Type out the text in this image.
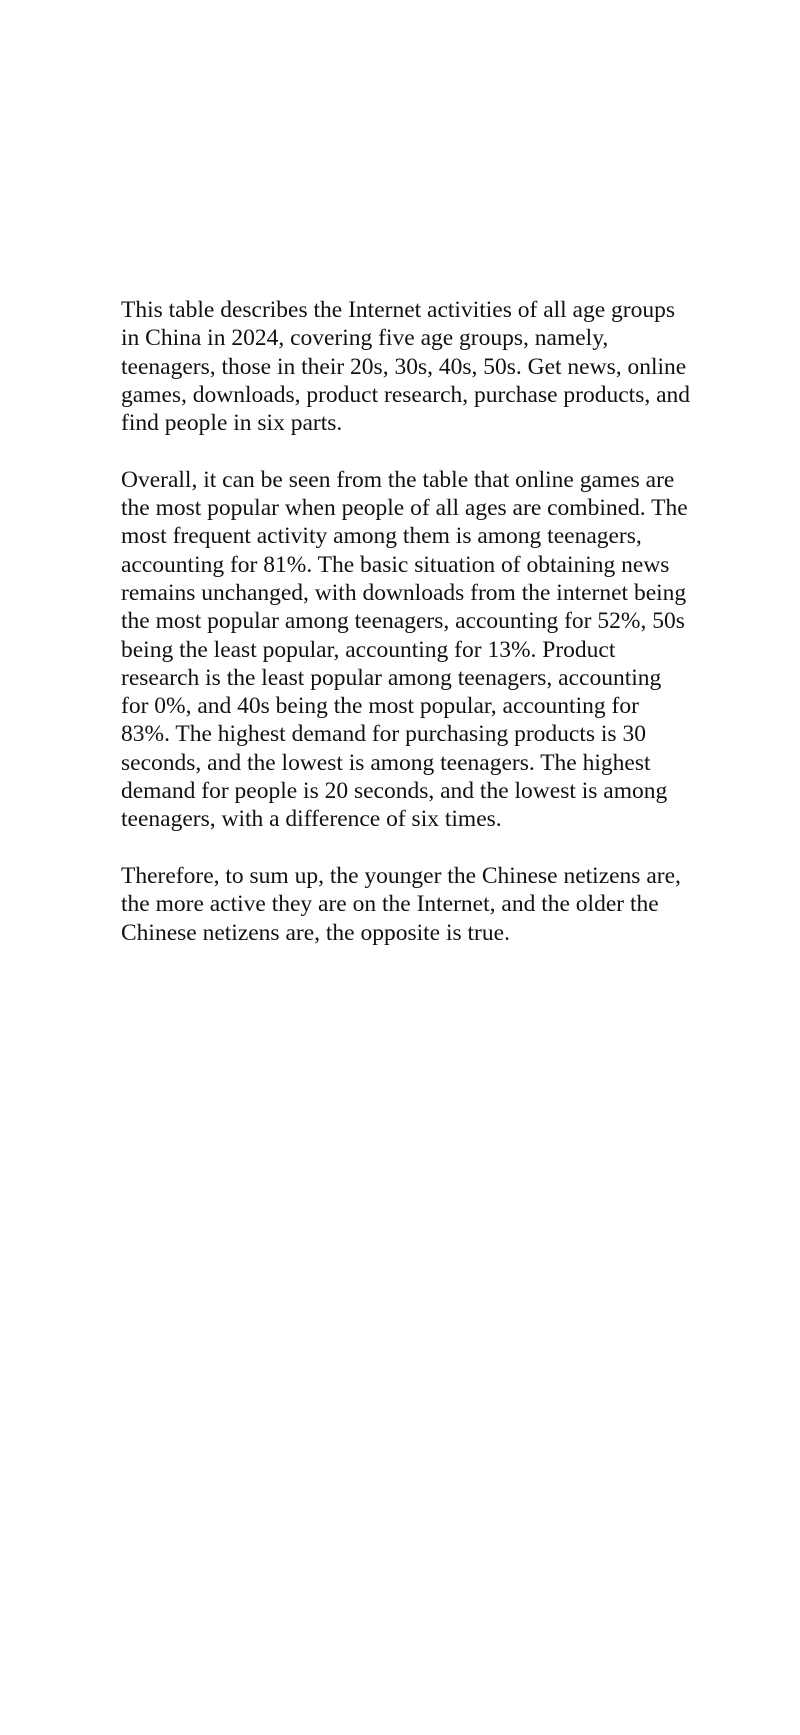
This table describes the Internet activities of all age groups in China in 2024, covering five age groups, namely, teenagers, those in their 20s, 30s, 40s, 50s. Get news, online games, downloads, product research, purchase products, and find people in six parts.

Overall, it can be seen from the table that online games are the most popular when people of all ages are combined. The most frequent activity among them is among teenagers, accounting for 81%. The basic situation of obtaining news remains unchanged, with downloads from the internet being the most popular among teenagers, accounting for 52%, 50s being the least popular, accounting for 13%. Product research is the least popular among teenagers, accounting for 0%, and 40s being the most popular, accounting for 83%. The highest demand for purchasing products is 30 seconds, and the lowest is among teenagers. The highest demand for people is 20 seconds, and the lowest is among teenagers, with a difference of six times.

Therefore, to sum up, the younger the Chinese netizens are, the more active they are on the Internet, and the older the Chinese netizens are, the opposite is true.
